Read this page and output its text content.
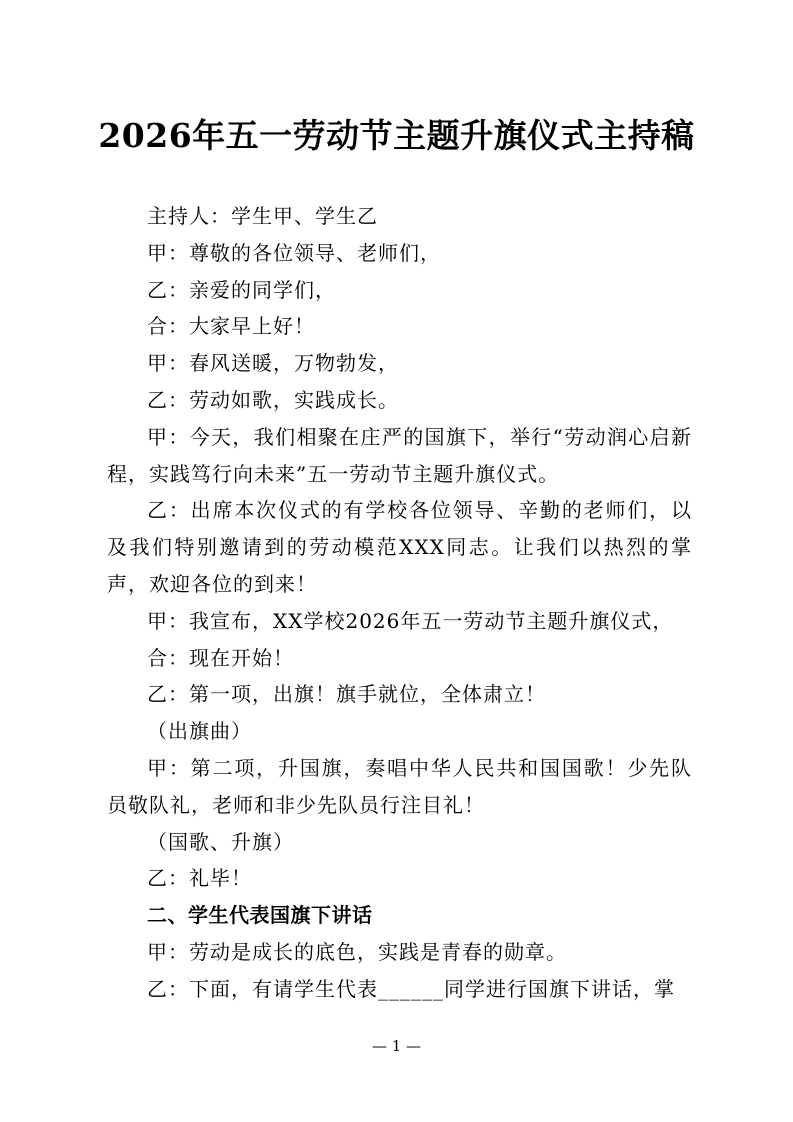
2026年五一劳动节主题升旗仪式主持稿

主持人：学生甲、学生乙

甲：尊敬的各位领导、老师们，

乙：亲爱的同学们，

合：大家早上好！

甲：春风送暖，万物勃发，

乙：劳动如歌，实践成长。

甲：今天，我们相聚在庄严的国旗下，举行“劳动润心启新程，实践笃行向未来”五一劳动节主题升旗仪式。

乙：出席本次仪式的有学校各位领导、辛勤的老师们，以及我们特别邀请到的劳动模范XXX同志。让我们以热烈的掌声，欢迎各位的到来！

甲：我宣布，XX学校2026年五一劳动节主题升旗仪式，

合：现在开始！

乙：第一项，出旗！旗手就位，全体肃立！

（出旗曲）

甲：第二项，升国旗，奏唱中华人民共和国国歌！少先队员敬队礼，老师和非少先队员行注目礼！

（国歌、升旗）

乙：礼毕！

二、学生代表国旗下讲话

甲：劳动是成长的底色，实践是青春的勋章。

乙：下面，有请学生代表______同学进行国旗下讲话，掌

— 1 —
